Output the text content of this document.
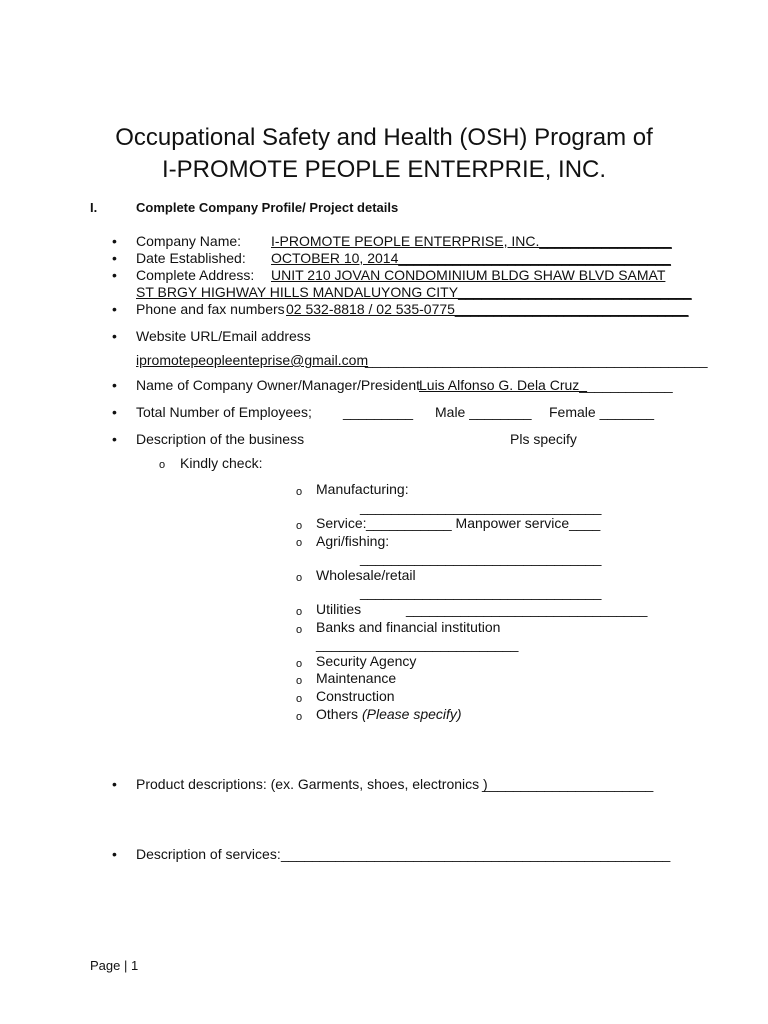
Occupational Safety and Health (OSH) Program of
I-PROMOTE PEOPLE ENTERPRIE, INC.
I.	Complete Company Profile/ Project details
• Company Name: I-PROMOTE PEOPLE ENTERPRISE, INC._________________
• Date Established: OCTOBER 10, 2014___________________________________
• Complete Address: UNIT 210 JOVAN CONDOMINIUM BLDG SHAW BLVD SAMAT
ST BRGY HIGHWAY HILLS MANDALUYONG CITY______________________________
• Phone and fax numbers 02 532-8818 / 02 535-0775______________________________
• Website URL/Email address
ipromotepeopleenteprise@gmail.com
____________________________________________
• Name of Company Owner/Manager/President
Luis Alfonso G. Dela Cruz_ ___________
• Total Number of Employees; _________ Male ________ Female _______
• Description of the business	Pls specify
o Kindly check:
o Manufacturing:
_______________________________
o Service: ___________ Manpower service____
o Agri/fishing:
_______________________________
o Wholesale/retail
_______________________________
o Utilities	_______________________________
o Banks and financial institution
__________________________
o Security Agency
o Maintenance
o Construction
o Others (Please specify)
• Product descriptions: (ex. Garments, shoes, electronics )
______________________
• Description of services: __________________________________________________
Page | 1
